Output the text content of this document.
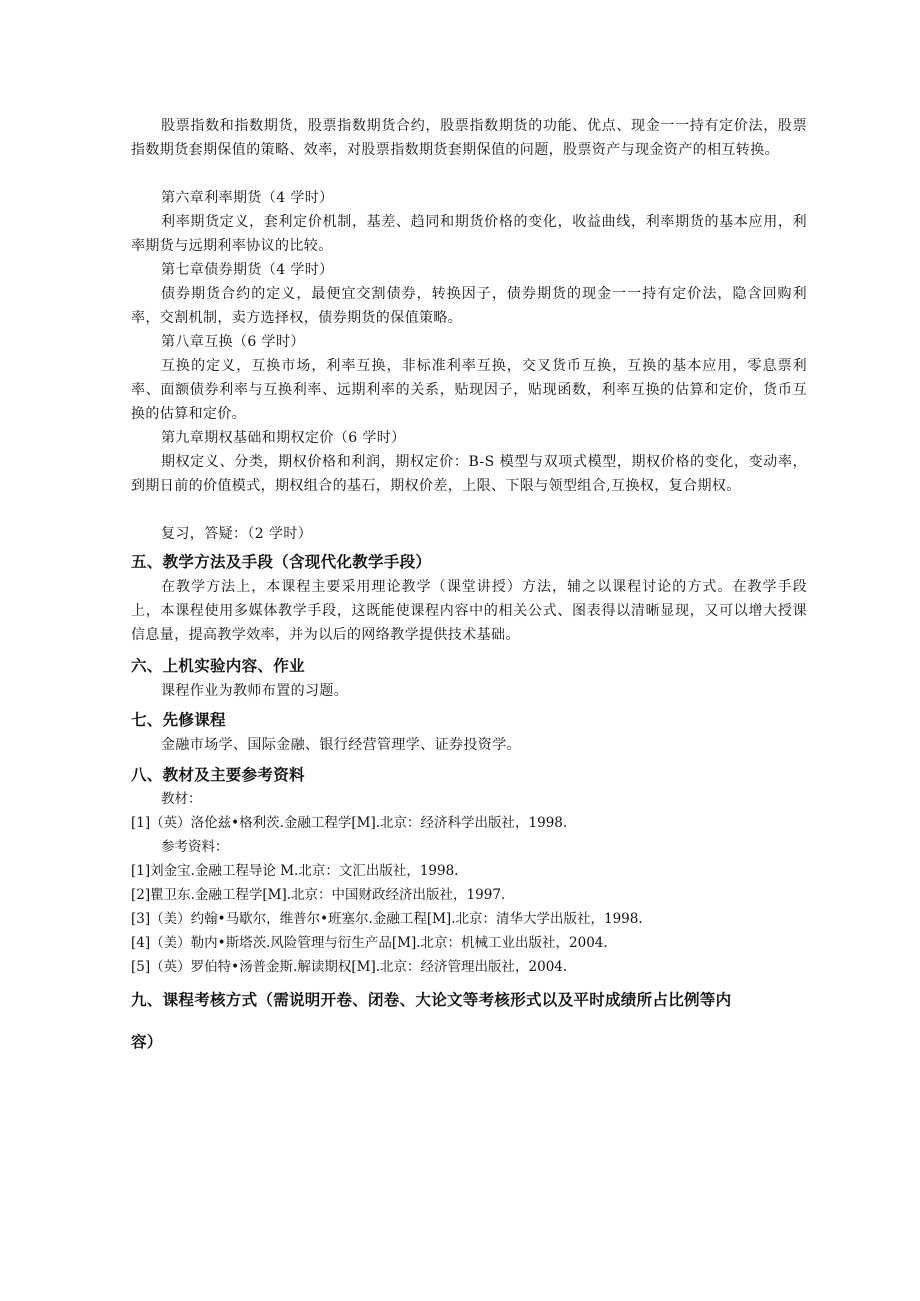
股票指数和指数期货，股票指数期货合约，股票指数期货的功能、优点、现金一一持有定价法，股票指数期货套期保值的策略、效率，对股票指数期货套期保值的问题，股票资产与现金资产的相互转换。

第六章利率期货（4 学时）

利率期货定义，套利定价机制，基差、趋同和期货价格的变化，收益曲线，利率期货的基本应用，利率期货与远期利率协议的比较。

第七章债券期货（4 学时）

债券期货合约的定义，最便宜交割债券，转换因子，债券期货的现金一一持有定价法，隐含回购利率，交割机制，卖方选择权，债券期货的保值策略。

第八章互换（6 学时）

互换的定义，互换市场，利率互换，非标准利率互换，交叉货币互换，互换的基本应用，零息票利率、面额债券利率与互换利率、远期利率的关系，贴现因子，贴现函数，利率互换的估算和定价，货币互换的估算和定价。

第九章期权基础和期权定价（6 学时）

期权定义、分类，期权价格和利润，期权定价：B-S 模型与双项式模型，期权价格的变化，变动率，到期日前的价值模式，期权组合的基石，期权价差，上限、下限与领型组合,互换权，复合期权。

复习，答疑：（2 学时）

五、教学方法及手段（含现代化教学手段）

在教学方法上，本课程主要采用理论教学（课堂讲授）方法，辅之以课程讨论的方式。在教学手段上，本课程使用多媒体教学手段，这既能使课程内容中的相关公式、图表得以清晰显现，又可以增大授课信息量，提高教学效率，并为以后的网络教学提供技术基础。

六、上机实验内容、作业

课程作业为教师布置的习题。

七、先修课程

金融市场学、国际金融、银行经营管理学、证券投资学。

八、教材及主要参考资料

教材：

[1]（英）洛伦兹•格利茨.金融工程学[M].北京：经济科学出版社，1998.

参考资料：

[1]刘金宝.金融工程导论 M.北京：文汇出版社，1998.

[2]瞿卫东.金融工程学[M].北京：中国财政经济出版社，1997.

[3]（美）约翰•马歇尔，维普尔•班塞尔.金融工程[M].北京：清华大学出版社，1998.

[4]（美）勒内•斯塔茨.风险管理与衍生产品[M].北京：机械工业出版社，2004.

[5]（英）罗伯特•汤普金斯.解读期权[M].北京：经济管理出版社，2004.

九、课程考核方式（需说明开卷、闭卷、大论文等考核形式以及平时成绩所占比例等内容）
